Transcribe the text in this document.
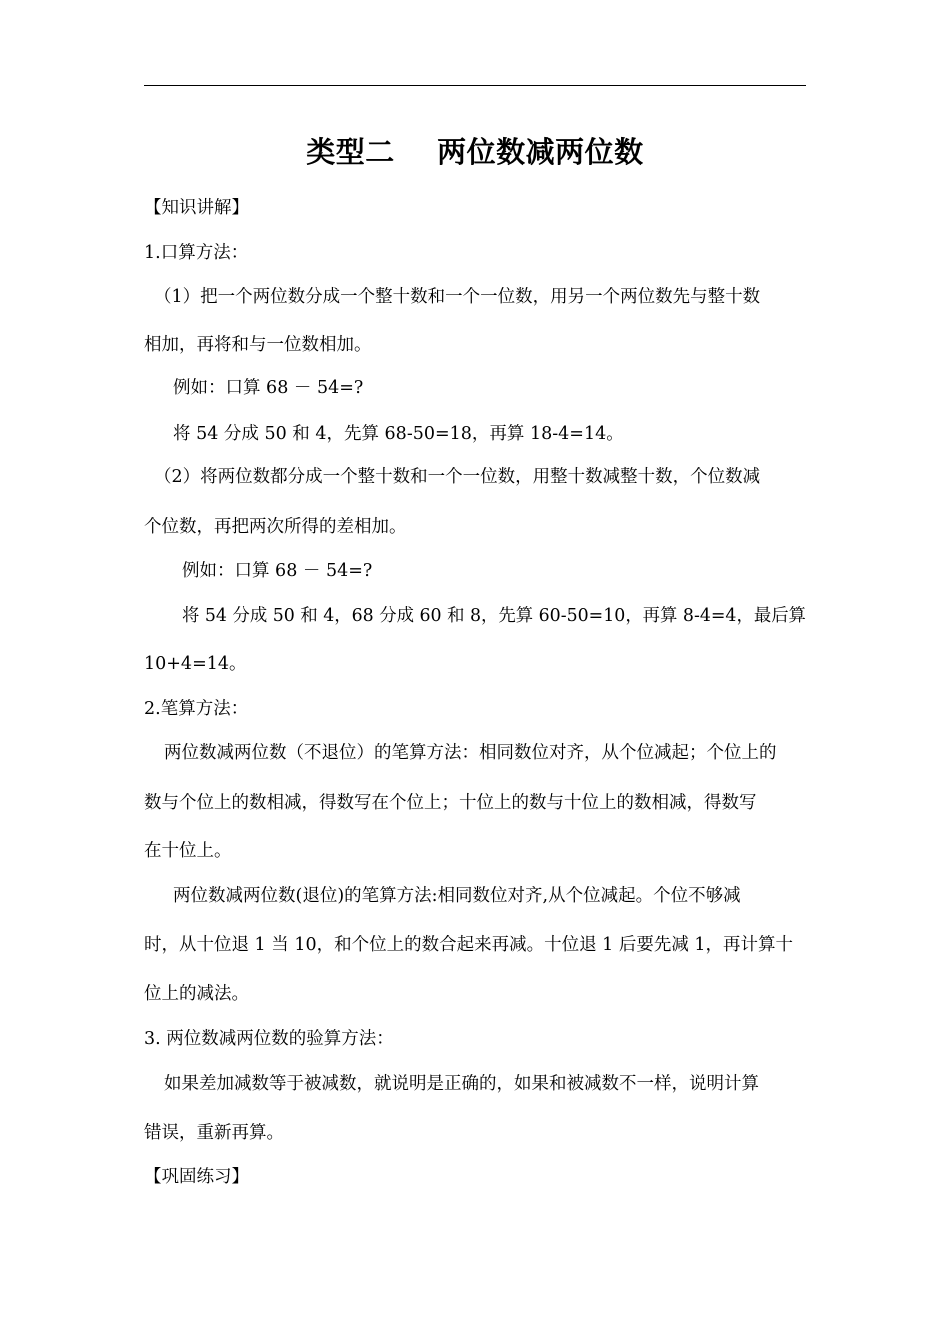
类型二    两位数减两位数
【知识讲解】
1.口算方法：
（1）把一个两位数分成一个整十数和一个一位数，用另一个两位数先与整十数
相加，再将和与一位数相加。
例如：口算 68 － 54=?
将 54 分成 50 和 4，先算 68-50=18，再算 18-4=14。
（2）将两位数都分成一个整十数和一个一位数，用整十数减整十数，个位数减
个位数，再把两次所得的差相加。
例如：口算 68 － 54=?
将 54 分成 50 和 4，68 分成 60 和 8，先算 60-50=10，再算 8-4=4，最后算
10+4=14。
2.笔算方法：
两位数减两位数（不退位）的笔算方法：相同数位对齐，从个位减起；个位上的
数与个位上的数相减，得数写在个位上；十位上的数与十位上的数相减，得数写
在十位上。
两位数减两位数(退位)的笔算方法:相同数位对齐,从个位减起。个位不够减
时，从十位退 1 当 10，和个位上的数合起来再减。十位退 1 后要先减 1，再计算十
位上的减法。
3. 两位数减两位数的验算方法：
如果差加减数等于被减数，就说明是正确的，如果和被减数不一样，说明计算
错误，重新再算。
【巩固练习】
